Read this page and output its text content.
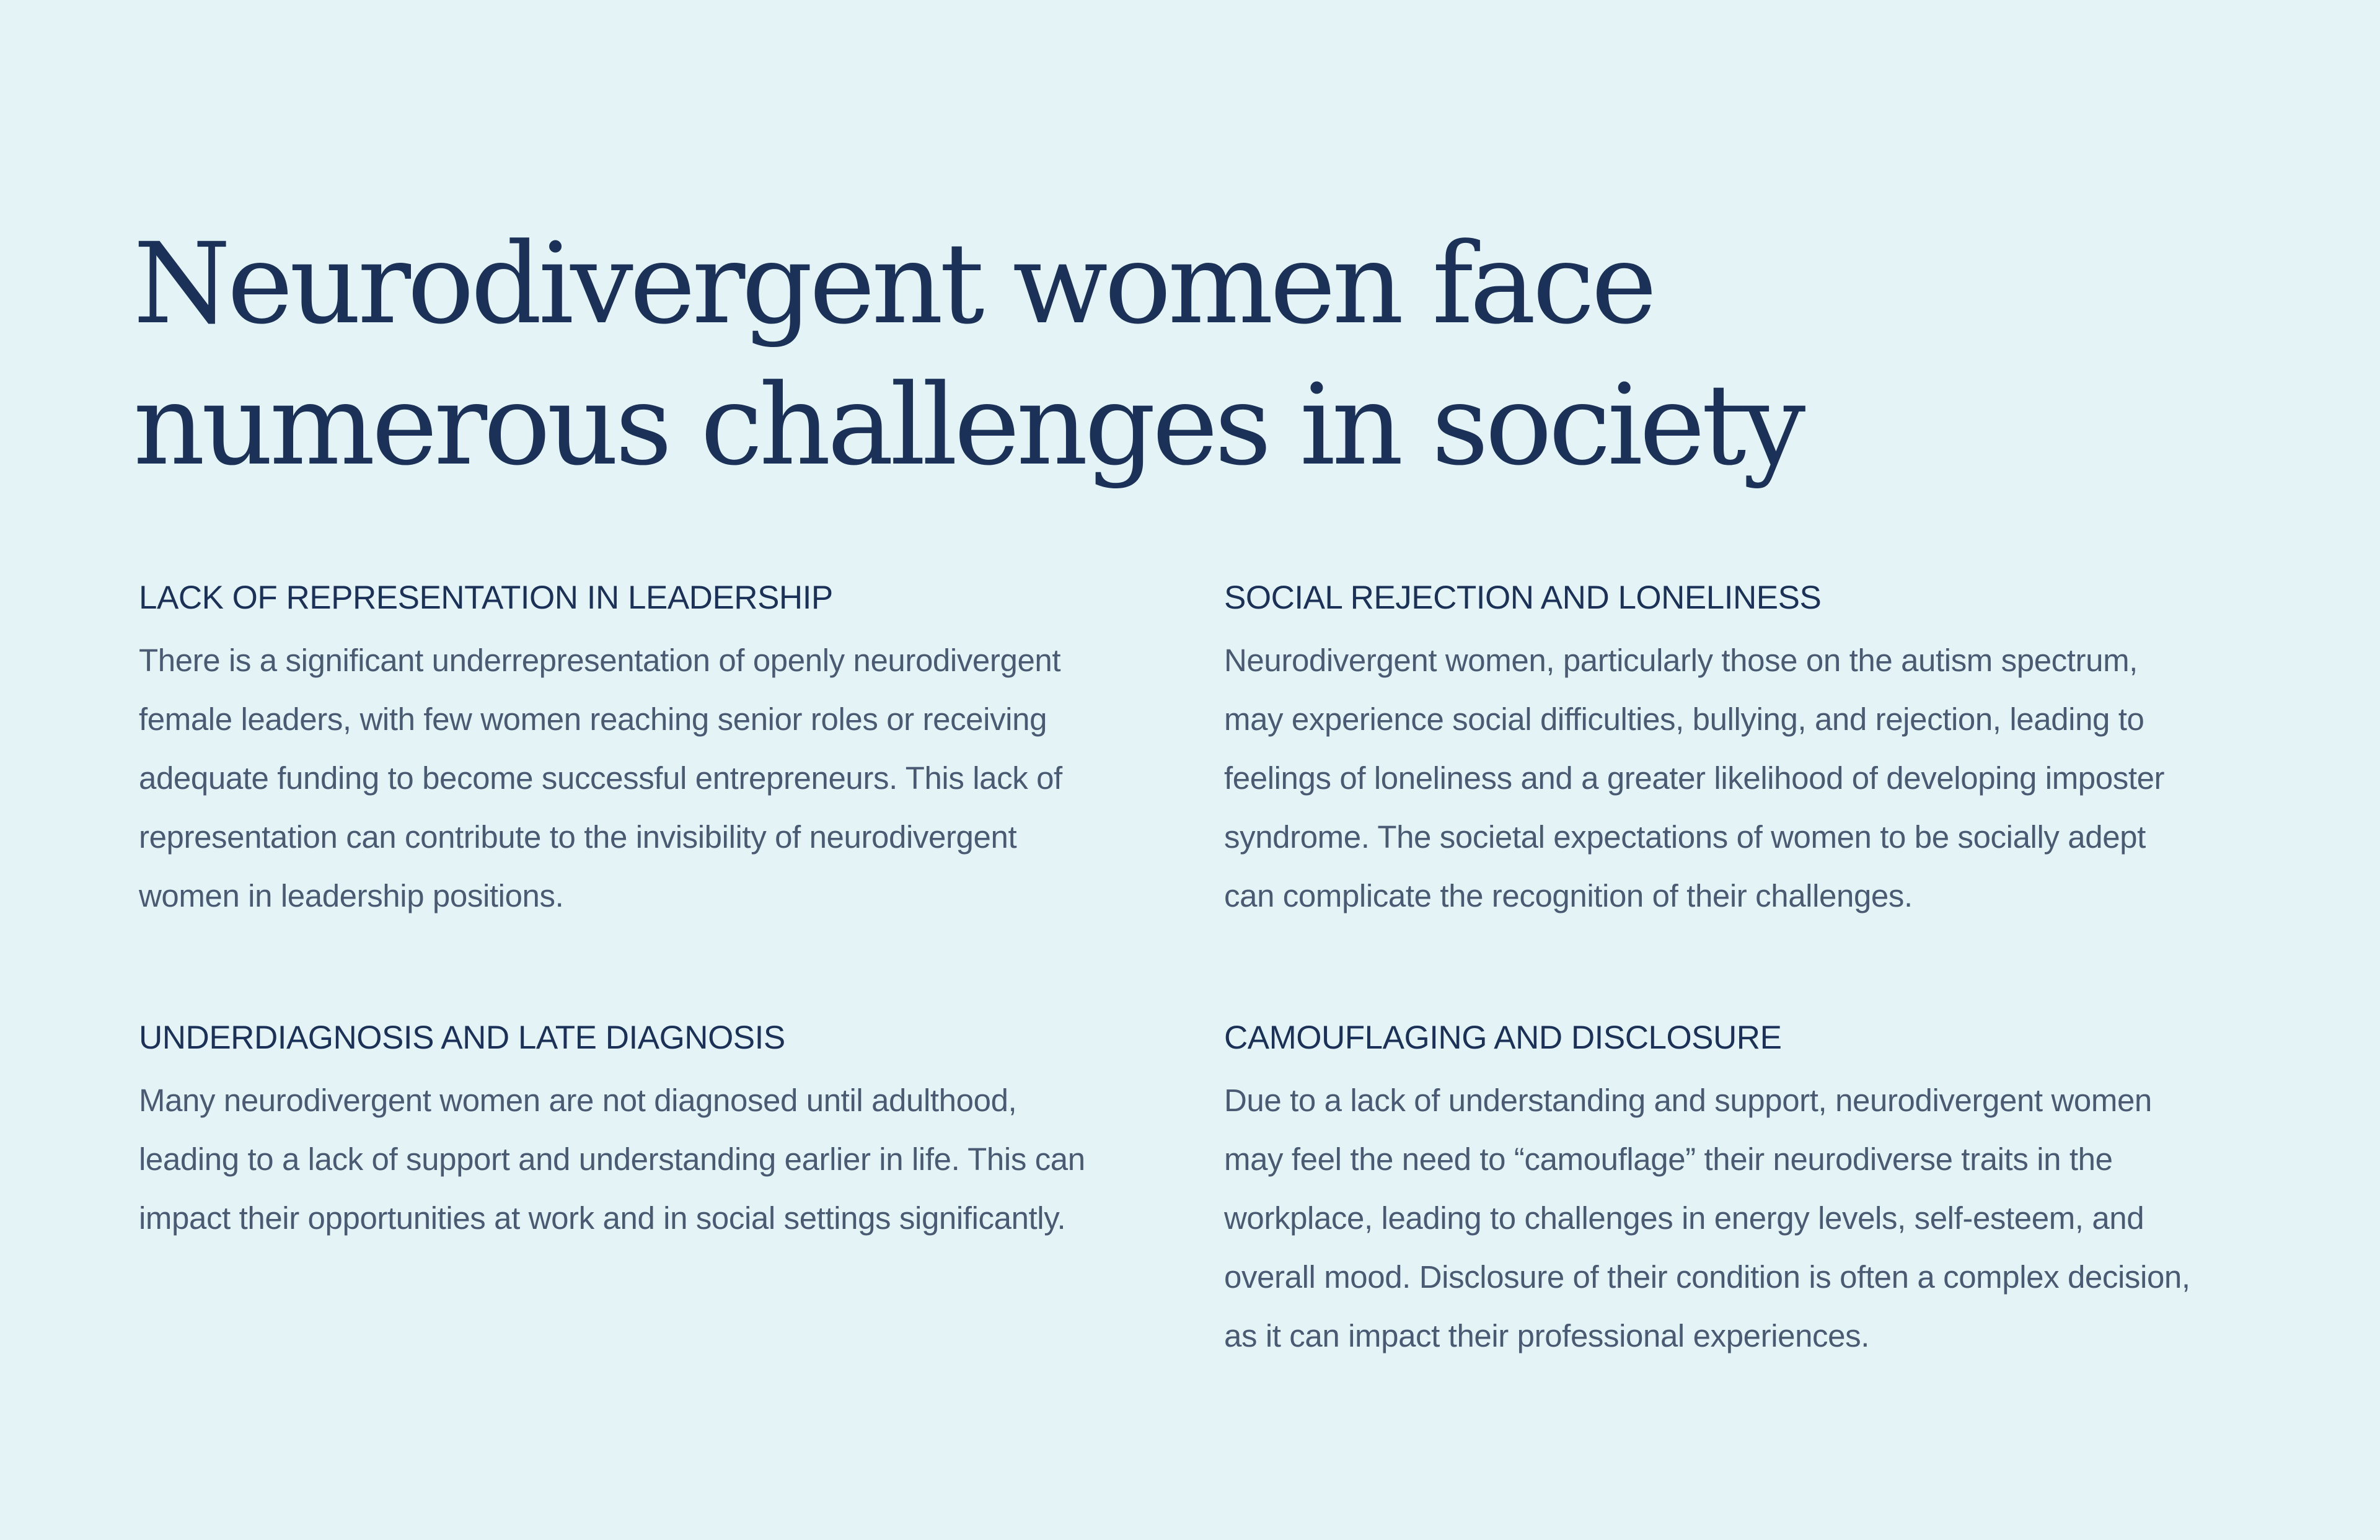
Neurodivergent women face
numerous challenges in society
LACK OF REPRESENTATION IN LEADERSHIP

There is a significant underrepresentation of openly neurodivergent
female leaders, with few women reaching senior roles or receiving
adequate funding to become successful entrepreneurs. This lack of
representation can contribute to the invisibility of neurodivergent
women in leadership positions.

SOCIAL REJECTION AND LONELINESS

Neurodivergent women, particularly those on the autism spectrum,
may experience social difficulties, bullying, and rejection, leading to
feelings of loneliness and a greater likelihood of developing imposter
syndrome. The societal expectations of women to be socially adept
can complicate the recognition of their challenges.

UNDERDIAGNOSIS AND LATE DIAGNOSIS

Many neurodivergent women are not diagnosed until adulthood,
leading to a lack of support and understanding earlier in life. This can
impact their opportunities at work and in social settings significantly.

CAMOUFLAGING AND DISCLOSURE

Due to a lack of understanding and support, neurodivergent women
may feel the need to “camouflage” their neurodiverse traits in the
workplace, leading to challenges in energy levels, self-esteem, and
overall mood. Disclosure of their condition is often a complex decision,
as it can impact their professional experiences.
